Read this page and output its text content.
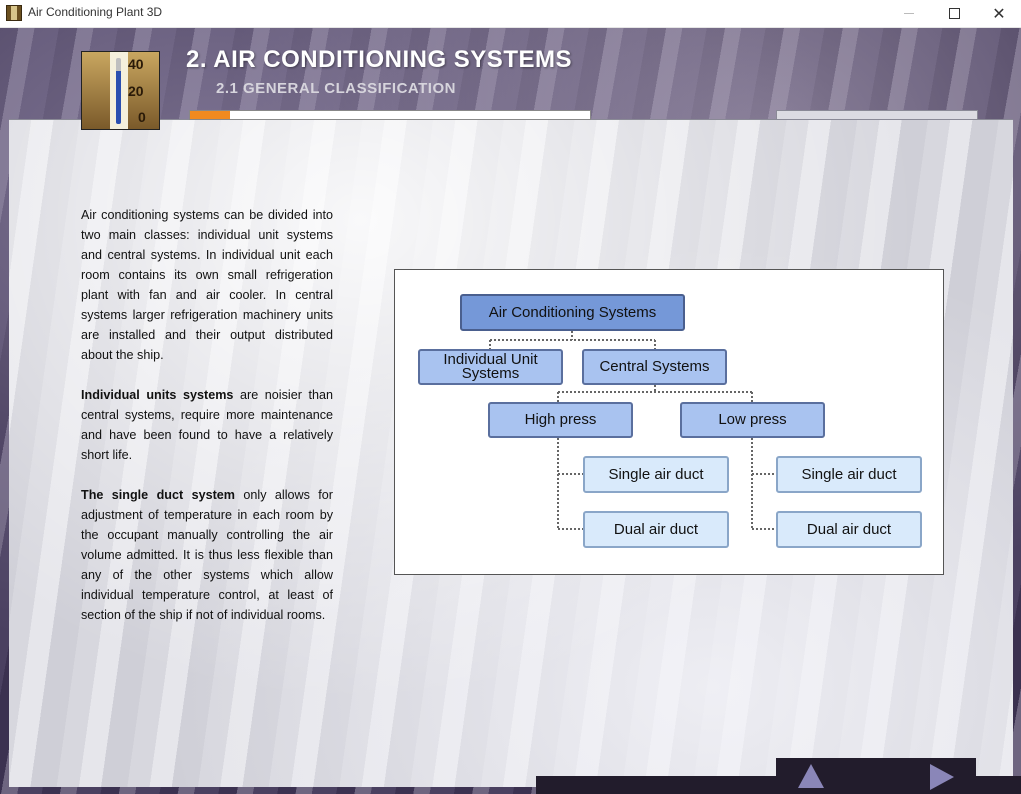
Air Conditioning Plant 3D	✕
40
20
0
2. AIR CONDITIONING SYSTEMS
2.1 GENERAL CLASSIFICATION

Air conditioning systems can be divided into two main classes: individual unit systems and central systems. In individual unit each room contains its own small refrigeration plant with fan and air cooler. In central systems larger refrigeration machinery units are installed and their output distributed about the ship.

Individual units systems are noisier than central systems, require more maintenance and have been found to have a relatively short life.

The single duct system only allows for adjustment of temperature in each room by the occupant manually controlling the air volume admitted. It is thus less flexible than any of the other systems which allow individual temperature control, at least of section of the ship if not of individual rooms.

Air Conditioning Systems
Individual Unit
Systems	Central Systems
High press	Low press
Single air duct
Dual air duct
Single air duct
Dual air duct
